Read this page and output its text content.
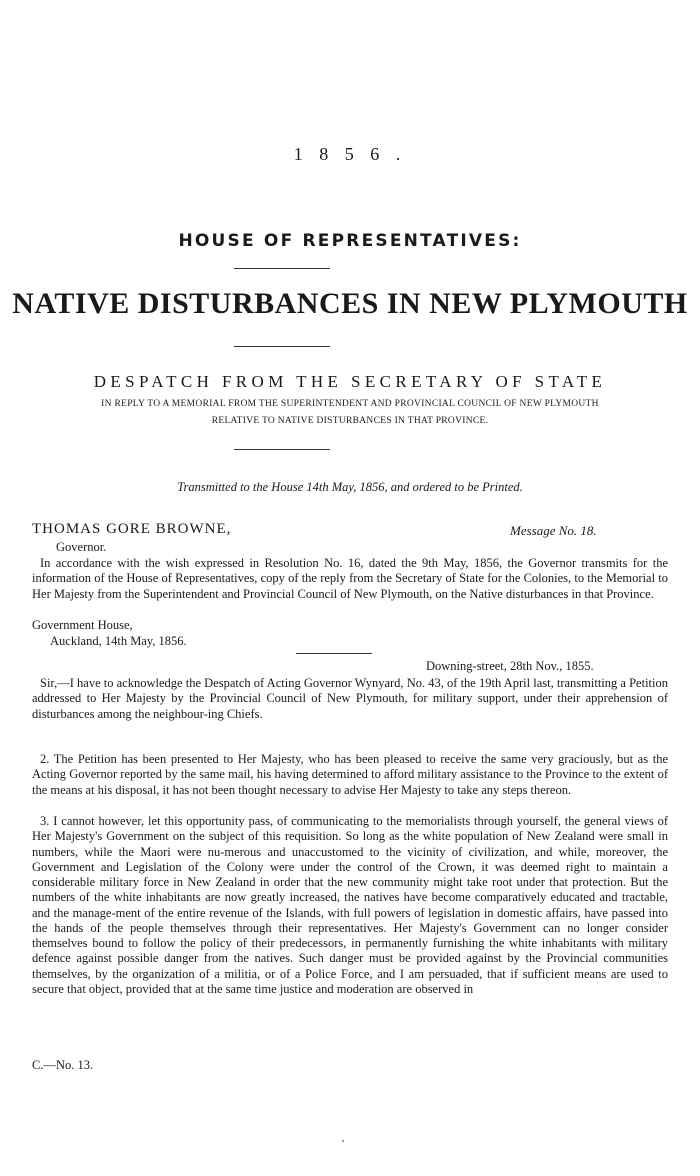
1 8 5 6 .
HOUSE OF REPRESENTATIVES:
NATIVE DISTURBANCES IN NEW PLYMOUTH
DESPATCH FROM THE SECRETARY OF STATE
IN REPLY TO A MEMORIAL FROM THE SUPERINTENDENT AND PROVINCIAL COUNCIL OF NEW PLYMOUTH
RELATIVE TO NATIVE DISTURBANCES IN THAT PROVINCE.
Transmitted to the House 14th May, 1856, and ordered to be Printed.
THOMAS GORE BROWNE,	Message No. 18.
Governor.

In accordance with the wish expressed in Resolution No. 16, dated the 9th May, 1856, the Governor transmits for the information of the House of Representatives, copy of the reply from the Secretary of State for the Colonies, to the Memorial to Her Majesty from the Superintendent and Provincial Council of New Plymouth, on the Native disturbances in that Province.

Government House,
Auckland, 14th May, 1856.
Downing-street, 28th Nov., 1855.

Sir,—I have to acknowledge the Despatch of Acting Governor Wynyard, No. 43, of the 19th April last, transmitting a Petition addressed to Her Majesty by the Provincial Council of New Plymouth, for military support, under their apprehension of disturbances among the neighbour-ing Chiefs.

2. The Petition has been presented to Her Majesty, who has been pleased to receive the same very graciously, but as the Acting Governor reported by the same mail, his having determined to afford military assistance to the Province to the extent of the means at his disposal, it has not been thought necessary to advise Her Majesty to take any steps thereon.

3. I cannot however, let this opportunity pass, of communicating to the memorialists through yourself, the general views of Her Majesty's Government on the subject of this requisition. So long as the white population of New Zealand were small in numbers, while the Maori were nu-merous and unaccustomed to the vicinity of civilization, and while, moreover, the Government and Legislation of the Colony were under the control of the Crown, it was deemed right to maintain a considerable military force in New Zealand in order that the new community might take root under that protection. But the numbers of the white inhabitants are now greatly increased, the natives have become comparatively educated and tractable, and the manage-ment of the entire revenue of the Islands, with full powers of legislation in domestic affairs, have passed into the hands of the people themselves through their representatives. Her Majesty's Government can no longer consider themselves bound to follow the policy of their predecessors, in permanently furnishing the white inhabitants with military defence against possible danger from the natives. Such danger must be provided against by the Provincial communities themselves, by the organization of a militia, or of a Police Force, and I am persuaded, that if sufficient means are used to secure that object, provided that at the same time justice and moderation are observed in

C.—No. 13.
